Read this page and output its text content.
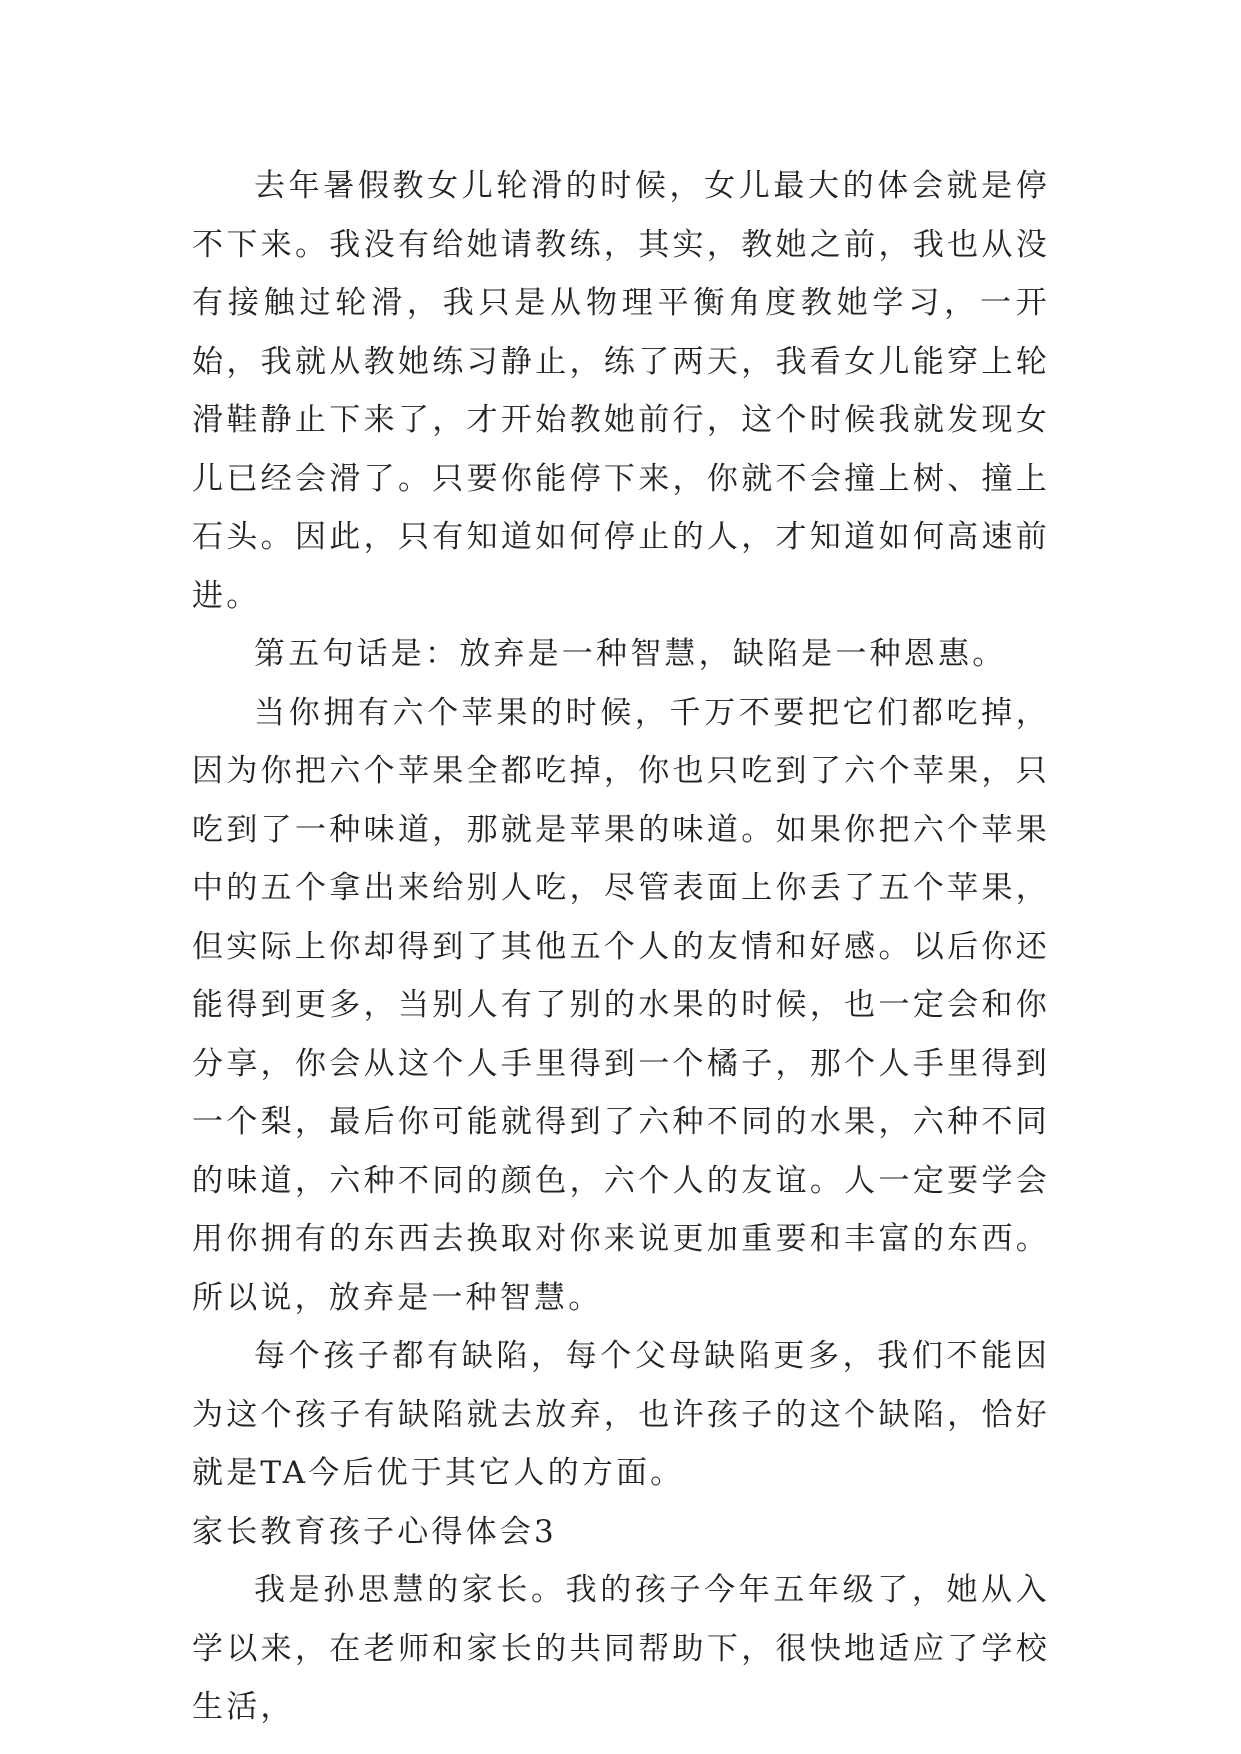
去年暑假教女儿轮滑的时候，女儿最大的体会就是停不下来。我没有给她请教练，其实，教她之前，我也从没有接触过轮滑，我只是从物理平衡角度教她学习，一开始，我就从教她练习静止，练了两天，我看女儿能穿上轮滑鞋静止下来了，才开始教她前行，这个时候我就发现女儿已经会滑了。只要你能停下来，你就不会撞上树、撞上石头。因此，只有知道如何停止的人，才知道如何高速前进。

第五句话是：放弃是一种智慧，缺陷是一种恩惠。

当你拥有六个苹果的时候，千万不要把它们都吃掉，因为你把六个苹果全都吃掉，你也只吃到了六个苹果，只吃到了一种味道，那就是苹果的味道。如果你把六个苹果中的五个拿出来给别人吃，尽管表面上你丢了五个苹果，但实际上你却得到了其他五个人的友情和好感。以后你还能得到更多，当别人有了别的水果的时候，也一定会和你分享，你会从这个人手里得到一个橘子，那个人手里得到一个梨，最后你可能就得到了六种不同的水果，六种不同的味道，六种不同的颜色，六个人的友谊。人一定要学会用你拥有的东西去换取对你来说更加重要和丰富的东西。所以说，放弃是一种智慧。

每个孩子都有缺陷，每个父母缺陷更多，我们不能因为这个孩子有缺陷就去放弃，也许孩子的这个缺陷，恰好就是TA今后优于其它人的方面。

家长教育孩子心得体会3

我是孙思慧的家长。我的孩子今年五年级了，她从入学以来，在老师和家长的共同帮助下，很快地适应了学校生活，
